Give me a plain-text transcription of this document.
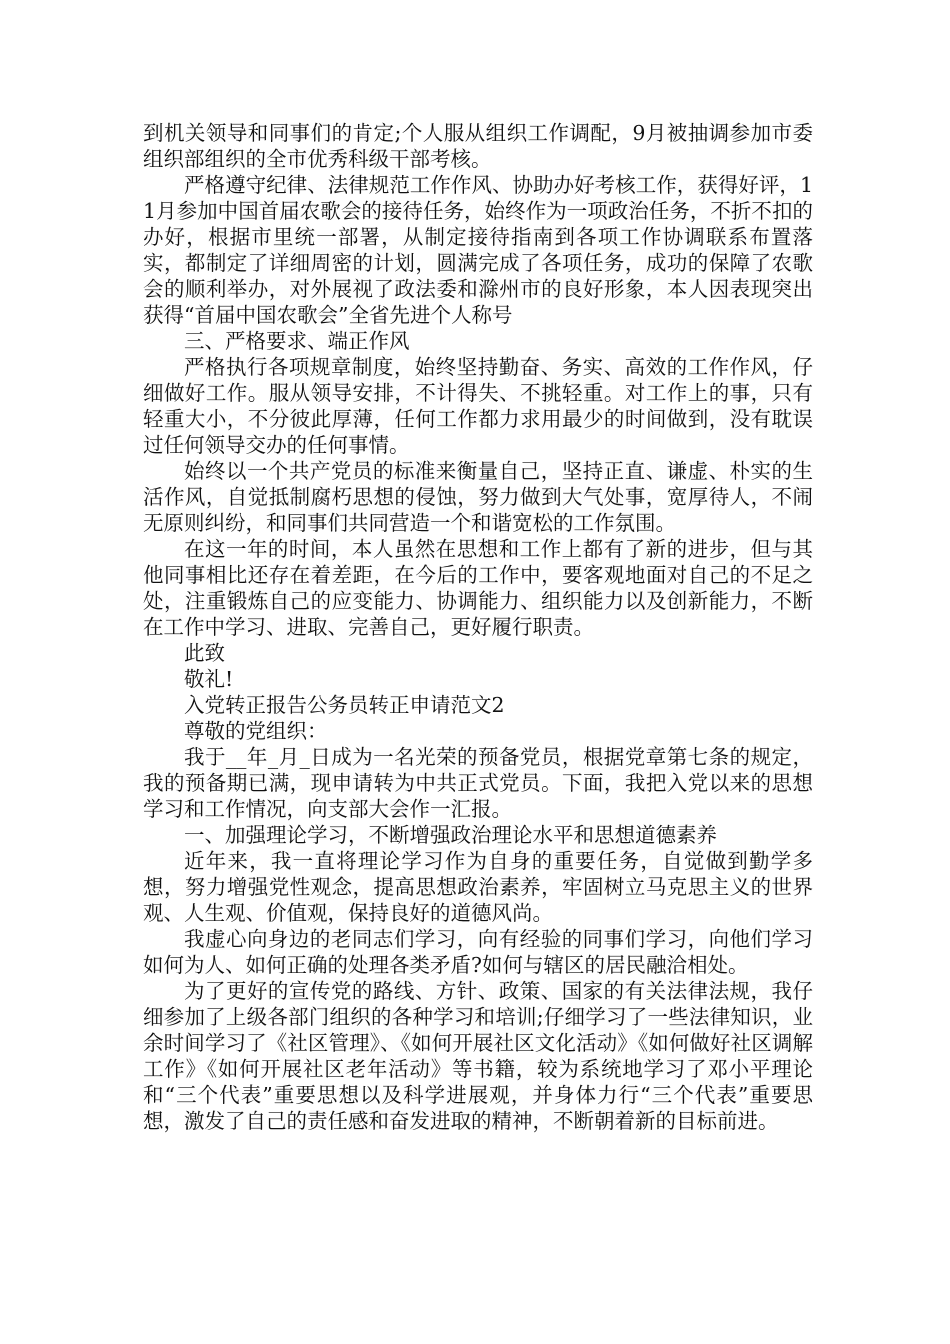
到机关领导和同事们的肯定;个人服从组织工作调配，9月被抽调参加市委组织部组织的全市优秀科级干部考核。

严格遵守纪律、法律规范工作作风、协助办好考核工作，获得好评，11月参加中国首届农歌会的接待任务，始终作为一项政治任务，不折不扣的办好，根据市里统一部署，从制定接待指南到各项工作协调联系布置落实，都制定了详细周密的计划，圆满完成了各项任务，成功的保障了农歌会的顺利举办，对外展视了政法委和滁州市的良好形象，本人因表现突出获得“首届中国农歌会”全省先进个人称号

三、严格要求、端正作风

严格执行各项规章制度，始终坚持勤奋、务实、高效的工作作风，仔细做好工作。服从领导安排，不计得失、不挑轻重。对工作上的事，只有轻重大小，不分彼此厚薄，任何工作都力求用最少的时间做到，没有耽误过任何领导交办的任何事情。

始终以一个共产党员的标准来衡量自己，坚持正直、谦虚、朴实的生活作风，自觉抵制腐朽思想的侵蚀，努力做到大气处事，宽厚待人，不闹无原则纠纷，和同事们共同营造一个和谐宽松的工作氛围。

在这一年的时间，本人虽然在思想和工作上都有了新的进步，但与其他同事相比还存在着差距，在今后的工作中，要客观地面对自己的不足之处，注重锻炼自己的应变能力、协调能力、组织能力以及创新能力，不断在工作中学习、进取、完善自己，更好履行职责。

此致

敬礼!

入党转正报告公务员转正申请范文2

尊敬的党组织：

我于__年_月_日成为一名光荣的预备党员，根据党章第七条的规定，我的预备期已满，现申请转为中共正式党员。下面，我把入党以来的思想学习和工作情况，向支部大会作一汇报。

一、加强理论学习，不断增强政治理论水平和思想道德素养

近年来，我一直将理论学习作为自身的重要任务，自觉做到勤学多想，努力增强党性观念，提高思想政治素养，牢固树立马克思主义的世界观、人生观、价值观，保持良好的道德风尚。

我虚心向身边的老同志们学习，向有经验的同事们学习，向他们学习如何为人、如何正确的处理各类矛盾?如何与辖区的居民融洽相处。

为了更好的宣传党的路线、方针、政策、国家的有关法律法规，我仔细参加了上级各部门组织的各种学习和培训;仔细学习了一些法律知识，业余时间学习了《社区管理》、《如何开展社区文化活动》《如何做好社区调解工作》《如何开展社区老年活动》等书籍，较为系统地学习了邓小平理论和“三个代表”重要思想以及科学进展观，并身体力行“三个代表”重要思想，激发了自己的责任感和奋发进取的精神，不断朝着新的目标前进。
